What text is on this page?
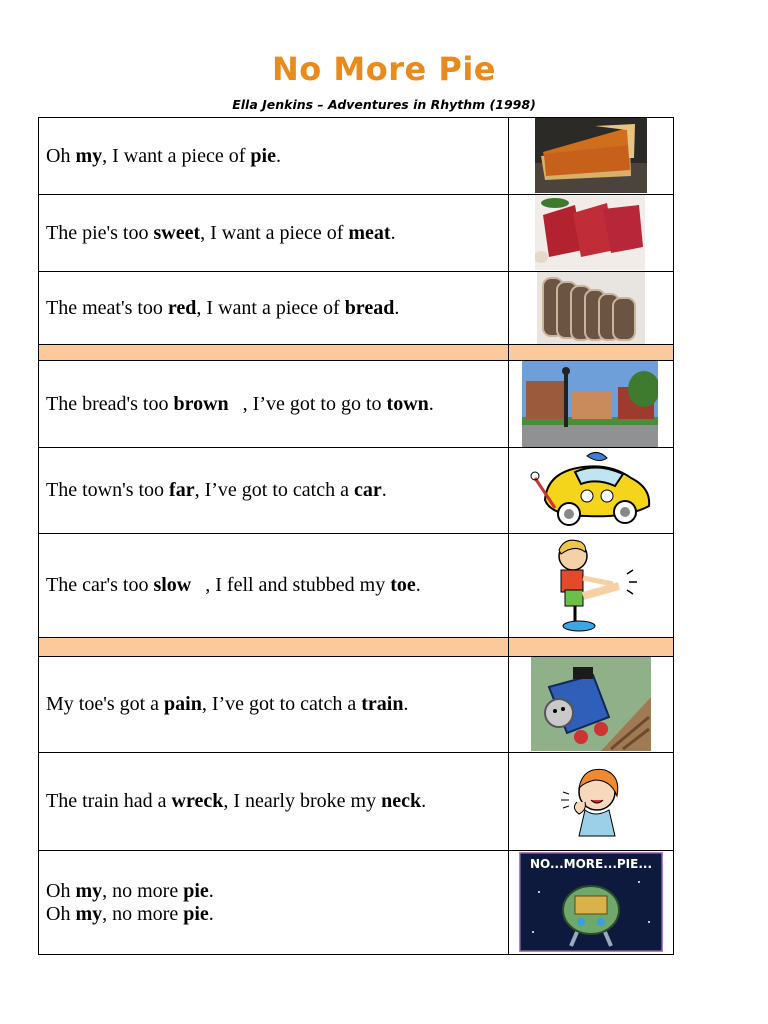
No More Pie
Ella Jenkins – Adventures in Rhythm (1998)
Oh my, I want a piece of pie.	

The pie's too sweet, I want a piece of meat.	

The meat's too red, I want a piece of bread.	

The bread's too brown , I’ve got to go to town.	

The town's too far, I’ve got to catch a car.	

The car's too slow , I fell and stubbed my toe.	

My toe's got a pain, I’ve got to catch a train.	

The train had a wreck, I nearly broke my neck.	

Oh my, no more pie.
Oh my, no more pie.	NO...MORE...PIE...
